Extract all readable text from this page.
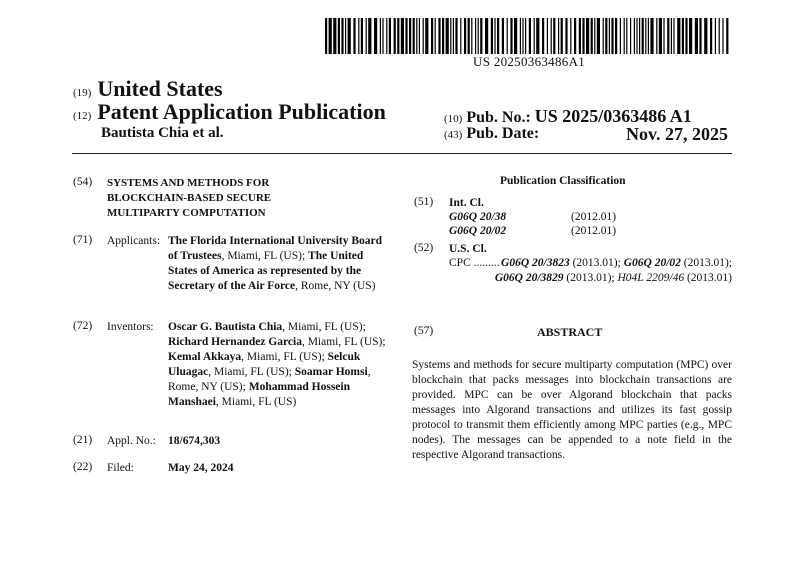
US 20250363486A1
(19) United States
(12) Patent Application Publication
Bautista Chia et al.
(10) Pub. No.: US 2025/0363486 A1
(43) Pub. Date:	Nov. 27, 2025
(54) SYSTEMS AND METHODS FOR
BLOCKCHAIN-BASED SECURE
MULTIPARTY COMPUTATION
(71) Applicants: The Florida International University Board of Trustees, Miami, FL (US); The United States of America as represented by the Secretary of the Air Force, Rome, NY (US)
(72) Inventors: Oscar G. Bautista Chia, Miami, FL (US); Richard Hernandez Garcia, Miami, FL (US); Kemal Akkaya, Miami, FL (US); Selcuk Uluagac, Miami, FL (US); Soamar Homsi, Rome, NY (US); Mohammad Hossein Manshaei, Miami, FL (US)
(21) Appl. No.: 18/674,303
(22) Filed:	May 24, 2024
Publication Classification
(51) Int. Cl.
G06Q 20/38	(2012.01)
G06Q 20/02	(2012.01)
(52) U.S. Cl.
CPC ......... G06Q 20/3823 (2013.01); G06Q 20/02 (2013.01); G06Q 20/3829 (2013.01); H04L 2209/46 (2013.01)
(57)	ABSTRACT
Systems and methods for secure multiparty computation (MPC) over blockchain that packs messages into blockchain transactions are provided. MPC can be over Algorand blockchain that packs messages into Algorand transactions and utilizes its fast gossip protocol to transmit them efficiently among MPC parties (e.g., MPC nodes). The messages can be appended to a note field in the respective Algorand transactions.
